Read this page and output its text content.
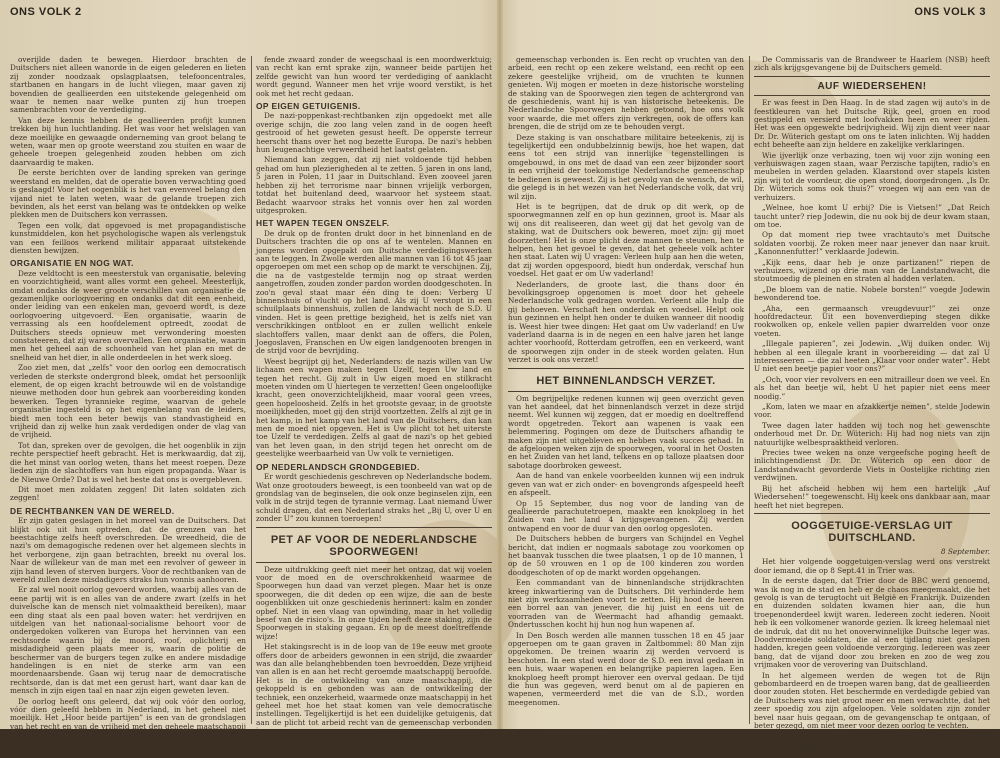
ONS VOLK 2	ONS VOLK 3

overijlde daden te bewegen. Hierdoor brachten de Duitschers niet alleen wanorde in de eigen gelederen en lieten zij zonder noodzaak opslagplaatsen, telefooncentrales, startbanen en hangars in de lucht vliegen, maar gaven zij bovendien de geallieerden een uitstekende gelegenheid om waar te nemen naar welke punten zij hun troepen samenbrachten voor de verdediging.

Van deze kennis hebben de geallieerden profijt kunnen trekken bij hun luchtlanding. Het was voor het welslagen van deze moeilijke en gewaagde onderneming van groot belang te weten, waar men op groote weerstand zou stuiten en waar de geheele troepen gelegenheid zouden hebben om zich daarvaardig te maken.

De eerste berichten over de landing spreken van geringe weerstand en melden, dat de operatie boven verwachting goed is geslaagd! Voor het oogenblik is het van evenveel belang den vijand niet te laten weten, waar de gelande troepen zich bevinden, als het eerst van belang was te ontdekken op welke plekken men de Duitschers kon verrassen.

Tegen een volk, dat opgevoed is met propagandistische kunstmiddelen, kon het psychologische wapen als verlengstuk van een feilloos werkend militair apparaat uitstekende diensten bewijzen.

ORGANISATIE EN NOG WAT.

Deze veldtocht is een meesterstuk van organisatie, beleving en voorzichtigheid, want alles vormt een geheel. Meesterlijk, omdat ondanks de weer groote verschillen van organisatie de gezamenlijke oorlogvoering en ondanks dat dit een eenheid, onder leiding van een enkelen man, gevoerd wordt, is deze oorlogvoering uitgevoerd. Een organisatie, waarin de verrassing als een hoofdelement optreedt, zoodat de Duitschers steeds opnieuw met verwondering moesten constateeren, dat zij waren overvallen. Een organisatie, waarin men het geheel aan de schoonheid van het plan en met de snelheid van het dier, in alle onderdeelen in het werk sloeg.

Zoo ziet men, dat „zelfs” voor den oorlog een democratisch verleden de sterkste ondergrond bleek, omdat het persoonlijk element, de op eigen kracht betrouwde wil en de volstandige nieuwe methoden door hun gebrek aan voorbereiding konden bewerken. Tegen tyrannieke regime, waarvan de gehele organisatie ingesteld is op het eigenbelang van de leiders, biedt men toch een beter bewijs van standvastigheid en vrijheid dan zij welke hun zaak verdedigen onder de vlag van de vrijheid.

Tot dan, spreken over de gevolgen, die het oogenblik in zijn rechte perspectief heeft gebracht. Het is merkwaardig, dat zij, die het minst van oorlog weten, thans het meest roepen. Deze lieden zijn de slachtoffers van hun eigen propaganda. Waar is de Nieuwe Orde? Dat is wel het beste dat ons is overgebleven.

Dit moet men zoldaten zeggen! Dit laten soldaten zich zeggen!

DE RECHTBANKEN VAN DE WERELD.

Er zijn gaten geslagen in het moreel van de Duitschers. Dat blijkt ook uit hun optreden, dat de grenzen van het beestachtige zelfs heeft overschreden. De wreedheid, die de nazi's om demagogische redenen over het algemeen slechts in het verborgene, zijn gaan betrachten, breekt nu overal los. Naar de willekeur van de man met een revolver of geweer in zijn hand leven of sterven burgers. Voor de rechtbanken van de wereld zullen deze misdadigers straks hun vonnis aanhooren.

Er zal wel nooit oorlog gevoerd worden, waarbij alles van de eene partij wit is en alles van de andere zwart (zelfs in het duivelsche kan de mensch niet volmaaktheid bereiken), maar een ding staat als een paal boven water: het verdrijven en uitdelgen van het nationaal-socialisme behoort voor de ondergedoken volkeren van Europa het hervinnen van een rechtsorde waarin bij de moord, roof, oplichterij en misdadigheid geen plaats meer is, waarin de politie de beschermer van de burgers tegen zulke en andere misdadige handelingen is en niet de sterke arm van een moordenaarsbende. Gaan wij terug naar de democratische rechtsorde, dan is dat met een gerust hart, want daar kan de mensch in zijn eigen taal en naar zijn eigen geweten leven.

De oorlog heeft ons geleerd, dat wij ook vóór den oorlog, vóór dien geleefd hebben in Nederland, in het geheel niet moeilijk. Het „Hoor beide partijen” is een van de grondslagen van het recht en van de vrijheid met den geheele maatschappij doortrokken zijn; wil het proces voor de rechtbank niet tot een marionettenspel worden. Het straf-

fende zwaard zonder de weegschaal is een moordwerktuig; van recht kan ernt sprake zijn, wanneer beide partijen het zelfde gewicht van hun woord ter verdediging of aanklacht wordt gegund. Wanneer men het vrije woord verstikt, is het ook met het recht gedaan.

OP EIGEN GETUIGENIS.

De nazi-poppenkast-rechtbanken zijn opgedoekt met alle overige schijn, die zoo lang velen zand in de oogen heeft gestrooid of het geweten gesust heeft. De opperste terreur heerscht thans over het nog bezette Europa. De nazi's hebben hun leugenachtige verweerdheid het laatst gelaten.

Niemand kan zeggen, dat zij niet voldoende tijd hebben gehad om hun plezierigheden al te zetten. 5 jaren in ons land, 5 jaren in Polen, 11 jaar in Duitschland. Even zooveel jaren hebben zij het terrorisme naar binnen vrijelijk verborgen, totdat het buitenland deed, waarvoor het systeem staat. Bedacht waarvoor straks het vonnis over hen zal worden uitgesproken.

HET WAPEN TEGEN ONSZELF.

De druk op de fronten drukt door in het binnenland en de Duitschers trachten die op ons af te wentelen. Mannen en jongens worden opgepakt om Duitsche verdedigingswerken aan te leggen. In Zwolle werden alle mannen van 16 tot 45 jaar opgeroepen om met een schop op de markt te verschijnen. Zij, die na de vastgestelde termijn nog op straat werden aangetroffen, zouden zonder pardon worden doodgeschoten. In zoo'n geval staat maar één ding te doen: Verberg U binnenshuis of vlucht op het land. Als zij U verstopt in een schuilplaats binnenshuis, zullen de landwacht noch de S.D. U vinden. Het is geen prettige bezigheid, het is zelfs niet van verschrikkingen ontbloot en er zullen wellicht enkele slachtoffers vallen, maar denkt aan de offers, die Polen, Joegoslaven, Franschen en Uw eigen landgenooten brengen in de strijd voor de bevrijding.

Weest begrijpt gij het, Nederlanders: de nazis willen van Uw lichaam een wapen maken tegen Uzelf, tegen Uw land en tegen het recht. Gij zult in Uw eigen moed en stilkracht moeten vinden om U hiertegen te verzetten! Geen ongelooflijke kracht, geen onoverzichtelijkheid, maar vooral geen vrees, geen hopeloosheid. Zelfs in het grootste gevaar, in de grootste moeilijkheden, moet gij den strijd voortzetten. Zelfs al zijt ge in het kamp, in het kamp van het land van de Duitschers, dan kan men de moed niet opgeven. Het is Uw plicht tot het uiterste toe Uzelf te verdedigen. Zelfs al gaat de nazi's op het gebied van het leven gaan, in den strijd tegen het onrecht om de geestelijke weerbaarheid van Uw volk te vernietigen.

OP NEDERLANDSCH GRONDGEBIED.

Er wordt geschiedenis geschreven op Nederlandsche bodem. Wat onze grootouders beweegt, is een toonbeeld van wat op de grondslag van de beginselen, die ook onze beginselen zijn, een volk in de strijd tegen de tyrannie vermag. Laat niemand Uwer schuld dragen, dat een Nederland straks het „Bij U, over U en zonder U” zou kunnen toeroepen!

PET AF VOOR DE NEDERLANDSCHE SPOORWEGEN!

Deze uitdrukking geeft niet meer het ontzag, dat wij voelen voor de moed en de overschrokkenheid waarmee de Spoorwegen hun daad van verzet plegen. Maar het is onze spoorwegen, die dit deden op een wijze, die aan de beste oogenblikken uit onze geschiedenis herinnert: kalm en zonder opbef. Niet in een vlaag van opwinding, maar in het volledig besef van de risico's. In onze tijden heeft deze staking, zijn de Spoorwegen in staking gegaan. En op de meest doeltreffende wijze!

Het stakingsrecht is in de loop van de 19e eeuw met groote offers door de arbeiders gewonnen in een strijd, die zwaarder was dan alle belanghebbenden toen bevroedden. Deze vrijheid van allen is en aan het recht geroemde maatschappij beroofde. Het is in de ontwikkeling van onze maatschappij, die gekoppeld is en gebonden was aan de ontwikkeling der techniek, een onzekerheid, waarmede onze maatschappij in het geheel met hoe het staat komen van vele democratische instellingen. Tegelijkertijd is het een duidelijke getuigenis, dat aan de plicht tot arbeid recht van de gemeenschap verbonden is.

gemeenschap verbonden is. Een recht op vruchten van den arbeid, een recht op een zekere welstand, een recht op een zekere geestelijke vrijheid, om de vruchten te kunnen genieten. Wij mogen er moeten in deze historische worsteling de staking van de Spoorwegen zien tegen de achtergrond van de geschiedenis, want hij is van historische beteekenis. De Nederlandsche Spoorwegen hebben getoond, hoe ons volk voor waarde, die met offers zijn verkregen, ook de offers kan brengen, die de strijd om ze te behouden vergt.

Deze staking is van onschatbare militaire beteekenis, zij is tegelijkertijd een ondubbelzinnig bewijs, hoe het wapen, dat eens tot een strijd van innerlijke tegenstellingen is omgebouwd, in ons met de daad van een zeer bijzonder soort in een vrijheid der toekomstige Nederlandsche gemeenschap te bedienen is geweest. Zij is het gevolg van de wensch, de wil, die gelegd is in het wezen van het Nederlandsche volk, dat vrij wil zijn.

Het is te begrijpen, dat de druk op dit werk, op de spoorwegmannen zelf en op hun gezinnen, groot is. Maar als wij ons dit realiseeren, dan weet gij dat het gevolg van de staking, wat de Duitschers ook beweren, moet zijn: gij moet doorzetten! Het is onze plicht deze mannen te steunen, hen te helpen, hen het gevoel te geven, dat het geheele volk achter hen staat. Laten wij U vragen: Verleen hulp aan hen die weten, dat zij worden opgespoord, biedt hun onderdak, verschaf hun voedsel. Het gaat er om Uw vaderland!

Nederlanders, de groote last, die thans door én bevolkingsgroep opgenomen is moet door het geheele Nederlandsche volk gedragen worden. Verleent alle hulp die gij behoeven. Verschaft hen onderdak en voedsel. Helpt ook hun gezinnen en helpt hen onder te duiken wanneer dit noodig is. Weest hier twee dingen: Het gaat om Uw vaderland! en Uw vaderland daarna is in de negen en een halve jaren het lange achter voorhoofd, Rotterdam getroffen, een en verkeerd, want de spoorwegen zijn onder in de steek worden gelaten. Hun verzet is ook ons verzet!

HET BINNENLANDSCH VERZET.

Om begrijpelijke redenen kunnen wij geen overzicht geven van het aandeel, dat het binnenlandsch verzet in deze strijd neemt. Wel kunnen wij zeggen, dat er moedig en doeltreffend wordt opgetreden. Tekort aan wapenen is vaak een belemmering. Pogingen om deze de Duitschers afhandig te maken zijn niet uitgebleven en hebben vaak succes gehad. In de afgeloopen weken zijn de spoorwegen, vooral in het Oosten en het Zuiden van het land, telkens en op talloze plaatsen door sabotage doorbroken geweest.

Aan de hand van enkele voorbeelden kunnen wij een indruk geven van wat er zich onder- en bovengronds afgespeeld heeft en afspeelt.

Op 15 September, dus nog voor de landing van de geallieerde parachutetroepen, maakte een knokploeg in het Zuiden van het land 4 krijgsgevangenen. Zij werden ontwapend en voor de duur van den oorlog opgesloten.

De Duitschers hebben de burgers van Schijndel en Veghel bericht, dat indien er nogmaals sabotage zou voorkomen op het baanvak tusschen die twee plaatsen, 1 op de 10 mannen, 1 op de 50 vrouwen en 1 op de 100 kinderen zou worden doodgeschoten of op de markt worden opgehangen.

Een commandant van de binnenlandsche strijdkrachten kreeg inkwartiering van de Duitschers. Dit verhinderde hem niet zijn werkzaamheden voort te zetten. Hij hood de heeren een borrel aan van jenever, die hij juist en eens uit de voorraden van de Weermacht had afhandig gemaakt. Ondertusschen kocht hij hun nog hun wapenen af.

In Den Bosch werden alle mannen tusschen 18 en 45 jaar opgeroepen om te gaan graven in Zaltbommel: 80 Man zijn opgekomen. De treinen waarin zij werden vervoerd is beschoten. In een stad werd door de S.D. een inval gedaan in een huis, waar wapenen en belangrijke papieren lagen. Een knokploeg heeft prompt hierover een overval gedaan. De tijd die hun was gegeven, werd benut om al de papieren en wapenen, vermeerderd met die van de S.D., worden meegenomen.

De Commissaris van de Brandweer te Haarlem (NSB) heeft zich als krijgsgevangene bij de Duitschers gemeld.

AUF WIEDERSEHEN!

Er was feest in Den Haag. In de stad zagen wij auto's in de feestkleuren van het Duitsche Rijk, geel, groen en rood gestippeld en versierd met loofvakken heen en weer rijden. Het was een opgewekte bedrijvigheid. Wij zijn dient veer naar Dr. Dr. Wüterich gestapt om ons te laten inlichten. Wij hadden echt beheefte aan zijn heldere en zakelijke verklaringen.

Wie ijverlijk onze verbazing, toen wij voor zijn woning een verhuiswagen zagen staan, waar Perzische tapijten, radio's en meubelen in werden geladen. Klaarstond over stapels kisten zijn wij tot de voordeur, die open stond, doorgedrongen. „Is Dr. Dr. Wüterich soms ook thuis?” vroegen wij aan een van de verhuizers.

„Welnee, hoe komt U erbij? Die is Vietsen!” „Dat Reich taucht unter? riep Jodewin, die nu ook bij de deur kwam staan, om toe.

Op dat moment riep twee vrachtauto's met Duitsche soldaten voorbij. Ze roken meer naar jenever dan naar kruit. „Kanonnenfutter!” verklaarde Jodewin.

„Kijk eens, daar heb je onze partizanen!” riepen de verhuizers, wijzend op drie man van de Landstandwacht, die stoutmoedig de pleinen en straten al hadden verlaten.

„De bloem van de natie. Nobele borsten!” voegde Jodewin bewonderend toe.

„Aha, een germaansch vreugdevuur!” zei onze hoofdredacteur. Uit een bovenverdieping stegen dikke rookwolken op, enkele vellen papier dwarrelden voor onze voeten.

„Illegale papieren”, zei Jodewin. „Wij duiken onder. Wij hebben al een illegale krant in voorbereiding — dat zal U interesseeren — die zal heeten „Klaar voor onder water”. Hebt U niet een beetje papier voor ons?”

„Och, voor vier revolvers en een mitrailleur doen we veel. En als het dan beetje wil, hebt U het papier niet eens meer noodig.”

„Kom, laten we maar en afzakkertje nemen”, stelde Jodewin voor.

Twee dagen later hadden wij toch nog het gewenschte onderhoud met Dr. Dr. Wüterich: Hij had nog niets van zijn natuurlijke welbespraaktheid verloren.

Precies twee weken na onze vergeefsche poging heeft de inlichtingendienst Dr. Dr. Wüterich op een door de Landstandwacht gevorderde Viets in Oostelijke richting zien verdwijnen.

Bij het afscheid hebben wij hem een hartelijk „Auf Wiedersehen!” toegewenscht. Hij keek ons dankbaar aan, maar heeft het niet begrepen.

OOGGETUIGE-VERSLAG UIT DUITSCHLAND.
8 September.

Het hier volgende ooggetuigen-verslag werd ons verstrekt door iemand, die op 8 Sept.41 in Trier was.

In de eerste dagen, dat Trier door de BBC werd genoemd, was ik nog in de stad en heb er de chaos meegemaakt, die het gevolg is van de terugtocht uit België en Frankrijk. Duizenden en duizenden soldaten kwamen hier aan, die hun troepenonderdeel kwijt waren. Iedereen zocht iederen. Nooit heb ik een volkomener wanorde gezien. Ik kreeg helemaal niet de indruk, dat dit nu het onoverwinnelijke Duitsche leger was. Doodvermoeide soldaten, die al een tijdlang niet geslapen hadden, kregen geen voldoende verzorging. Iedereen was zeer bang, dat de vijand door zou breken en zoo de weg zou vrijmaken voor de verovering van Duitschland.

In het algemeen werden de wegen tot de Rijn gebombardeerd en de troepen waren bang, dat de geallieerden door zouden stoten. Het beschermde en verdedigde gebied van de Duitschers was niet groot meer en men verwachtte, dat het zeer spoedig zou zijn afgeloopen. Vele soldaten zijn zonder bevel naar huis gegaan, om de gevangenschap te ontgaan, of beter gezegd, om niet meer voor dezen oorlog te vechten.

Deze eenvoudige Duitsche soldaten mogen ontgaan van de R.A.F. herhaaldelijk gebombardeerd, voornamelijk daar waar de R.A.F. herhaaldelijk
